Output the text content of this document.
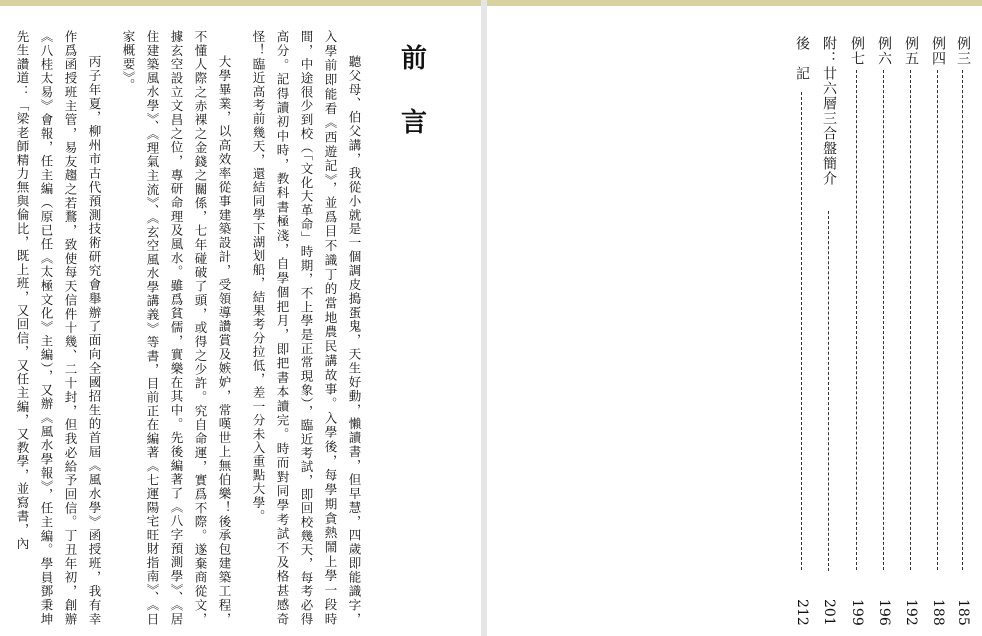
前
言

聽父母、伯父講，我從小就是一個調皮搗蛋鬼，天生好動，懶讀書，但早慧，四歲即能識字，入學前即能看《西遊記》，並爲目不識丁的當地農民講故事。入學後，每學期貪熱鬧上學一段時間，中途很少到校（「文化大革命」時期，不上學是正常現象），臨近考試，即回校幾天，每考必得高分。記得讀初中時，教科書極淺，自學個把月，即把書本讀完。時而對同學考試不及格甚感奇怪！臨近高考前幾天，還結同學下湖划船，結果考分拉低，差一分未入重點大學。

大學畢業，以高效率從事建築設計，受領導讚賞及嫉妒，常嘆世上無伯樂！後承包建築工程，不懂人際之赤裸之金錢之關係，七年碰破了頭，或得之少許。究自命運，實爲不際。遂棄商從文，據玄空設立文昌之位，專研命理及風水。雖爲貧儒，實樂在其中。先後編著了《八字預測學》、《居住建築風水學》、《理氣主流》、《玄空風水學講義》等書，目前正在編著《七運陽宅旺財指南》、《日家概要》。

丙子年夏，柳州市古代預測技術研究會舉辦了面向全國招生的首屆《風水學》函授班，我有幸作爲函授班主管，易友趨之若鶩，致使每天信件十幾、二十封，但我必給予回信。丁丑年初，創辦《八桂太易》會報，任主編（原已任《太極文化》主編），又辦《風水學報》，任主編。學員鄧秉坤先生讚道：「梁老師精力無與倫比，既上班，又回信，又任主編，又教學，並寫書，內	例三
185
例四
188
例五
192
例六
196
例七
199
附：廿六層三合盤簡介
201
後　記
212
